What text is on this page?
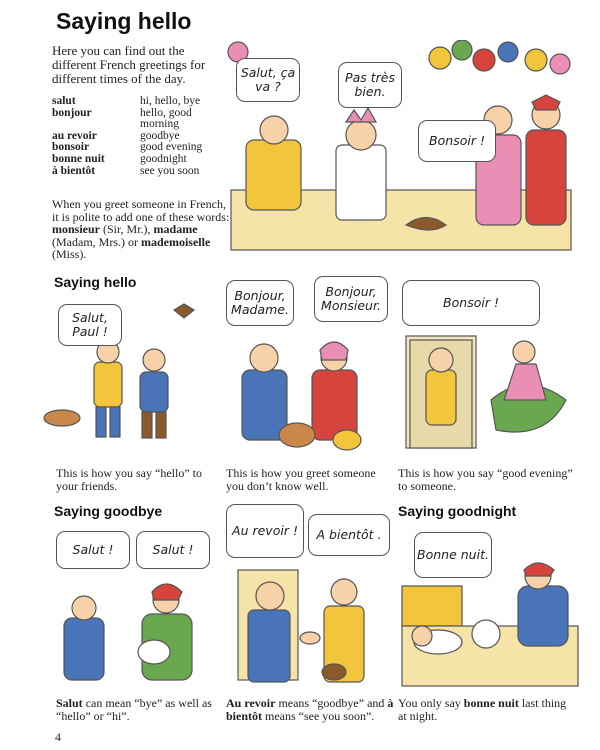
Saying hello
Here you can find out the different French greetings for different times of the day.
salut	hi, hello, bye
bonjour	hello, good morning
au revoir	goodbye
bonsoir	good evening
bonne nuit	goodnight
à bientôt	see you soon
When you greet someone in French, it is polite to add one of these words: monsieur (Sir, Mr.), madame (Madam, Mrs.) or mademoiselle (Miss).
Salut, ça va ?
Pas très bien.
Bonsoir !
Saying hello
Salut, Paul !
Bonjour, Madame.
Bonjour, Monsieur.	Bonsoir !
This is how you say “hello” to your friends.
This is how you greet someone you don’t know well.
This is how you say “good evening” to someone.
Saying goodbye	Saying goodnight
Salut !	Salut !
Au revoir !	A bientôt .
Bonne nuit.
Salut can mean “bye” as well as “hello” or “hi”.
Au revoir means “goodbye” and à bientôt means “see you soon”.
You only say bonne nuit last thing at night.
4
